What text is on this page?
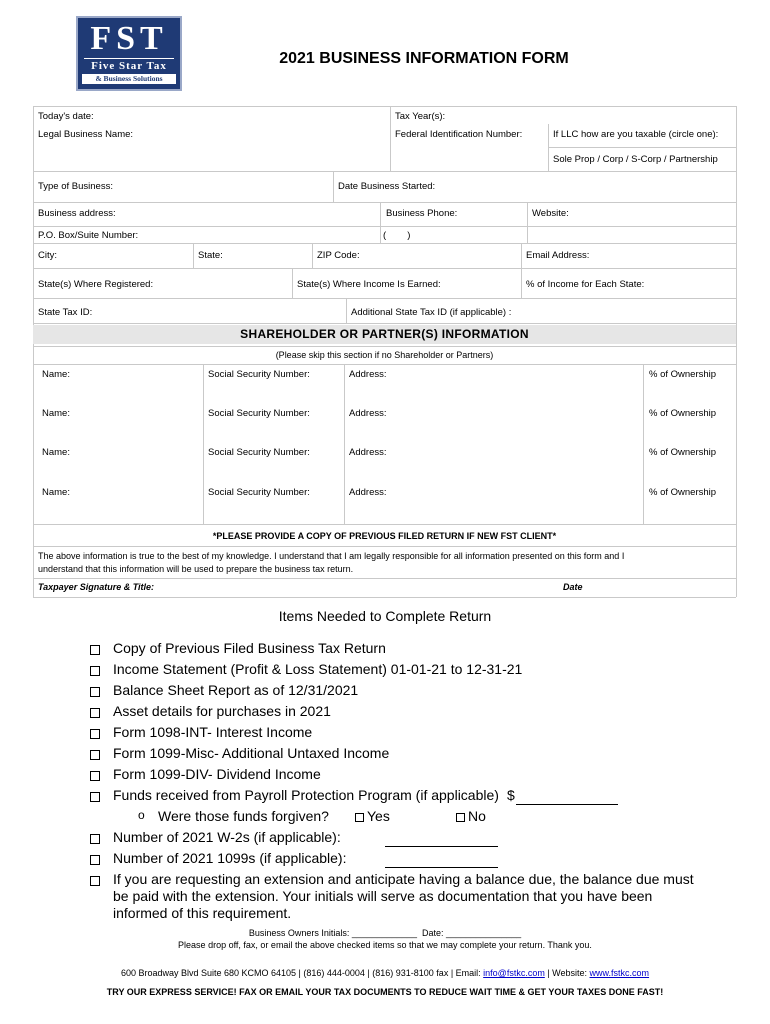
FST
Five Star Tax
& Business Solutions
2021 BUSINESS INFORMATION FORM
Today's date:	Tax Year(s):
Legal Business Name:	Federal Identification Number:	If LLC how are you taxable (circle one):
Sole Prop / Corp / S-Corp / Partnership
Type of Business:	Date Business Started:
Business address:	Business Phone:	Website:
P.O. Box/Suite Number:	(        )
City:	State:	ZIP Code:	Email Address:
State(s) Where Registered:	State(s) Where Income Is Earned:	% of Income for Each State:
State Tax ID:	Additional State Tax ID (if applicable) :
SHAREHOLDER OR PARTNER(S) INFORMATION
(Please skip this section if no Shareholder or Partners)
Name:	Social Security Number:	Address:	% of Ownership
Name:	Social Security Number:	Address:	% of Ownership
Name:	Social Security Number:	Address:	% of Ownership
Name:	Social Security Number:	Address:	% of Ownership
*PLEASE PROVIDE A COPY OF PREVIOUS FILED RETURN IF NEW FST CLIENT*
The above information is true to the best of my knowledge. I understand that I am legally responsible for all information presented on this form and I
understand that this information will be used to prepare the business tax return.
Taxpayer Signature & Title:	Date
Items Needed to Complete Return
Copy of Previous Filed Business Tax Return
Income Statement (Profit & Loss Statement) 01-01-21 to 12-31-21
Balance Sheet Report as of 12/31/2021
Asset details for purchases in 2021
Form 1098-INT- Interest Income
Form 1099-Misc- Additional Untaxed Income
Form 1099-DIV- Dividend Income
Funds received from Payroll Protection Program (if applicable) $
o Were those funds forgiven?	Yes	No
Number of 2021 W-2s (if applicable):
Number of 2021 1099s (if applicable):
If you are requesting an extension and anticipate having a balance due, the balance due must
be paid with the extension. Your initials will serve as documentation that you have been
informed of this requirement.
Business Owners Initials: _____________  Date: _______________
Please drop off, fax, or email the above checked items so that we may complete your return. Thank you.
600 Broadway Blvd Suite 680 KCMO 64105 | (816) 444-0004 | (816) 931-8100 fax | Email: info@fstkc.com | Website: www.fstkc.com
TRY OUR EXPRESS SERVICE! FAX OR EMAIL YOUR TAX DOCUMENTS TO REDUCE WAIT TIME & GET YOUR TAXES DONE FAST!
